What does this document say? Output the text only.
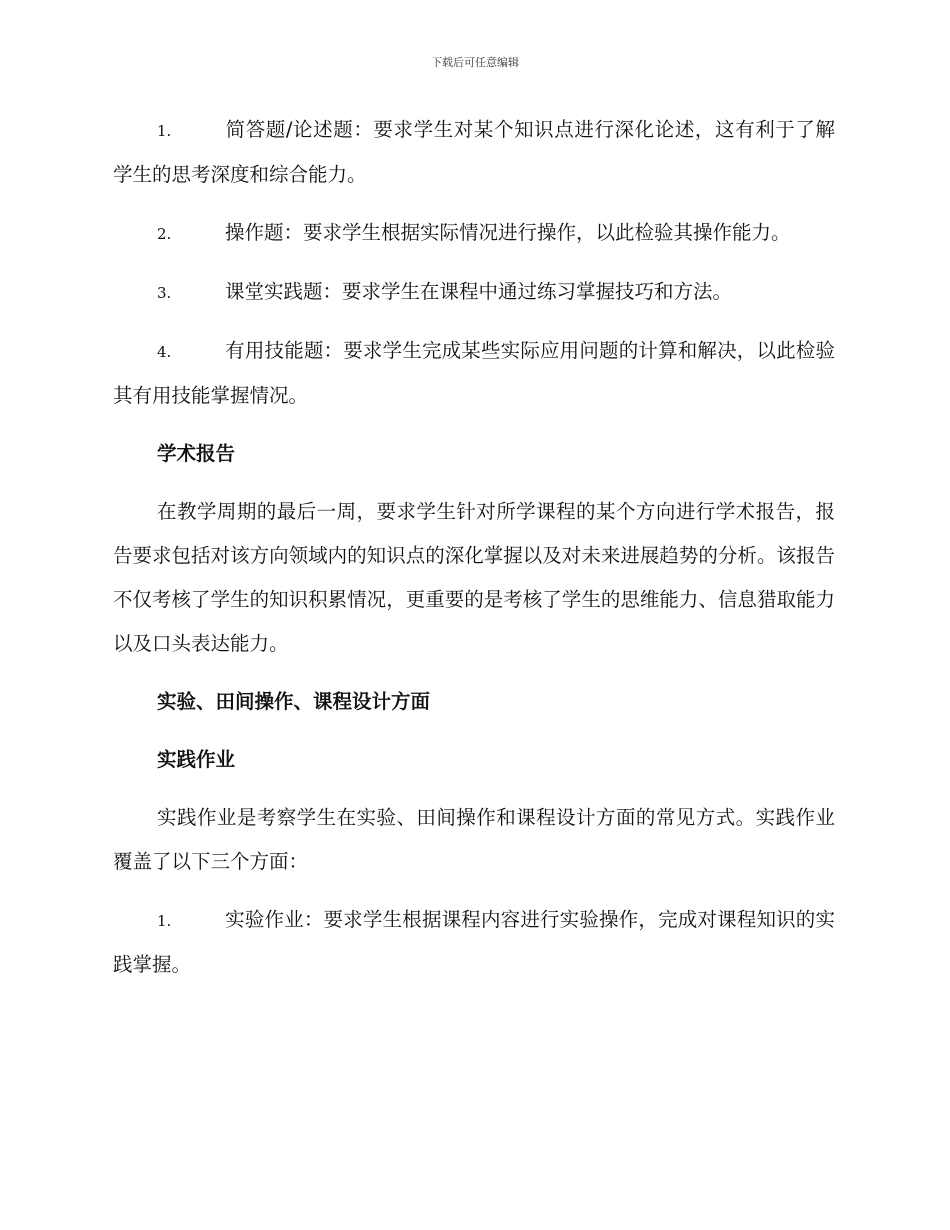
下载后可任意编辑

1.	简答题/论述题：要求学生对某个知识点进行深化论述，这有利于了解学生的思考深度和综合能力。

2.	操作题：要求学生根据实际情况进行操作，以此检验其操作能力。

3.	课堂实践题：要求学生在课程中通过练习掌握技巧和方法。

4.	有用技能题：要求学生完成某些实际应用问题的计算和解决，以此检验其有用技能掌握情况。

学术报告

在教学周期的最后一周，要求学生针对所学课程的某个方向进行学术报告，报告要求包括对该方向领域内的知识点的深化掌握以及对未来进展趋势的分析。该报告不仅考核了学生的知识积累情况，更重要的是考核了学生的思维能力、信息猎取能力以及口头表达能力。

实验、田间操作、课程设计方面
实践作业

实践作业是考察学生在实验、田间操作和课程设计方面的常见方式。实践作业覆盖了以下三个方面：

1.	实验作业：要求学生根据课程内容进行实验操作，完成对课程知识的实践掌握。
